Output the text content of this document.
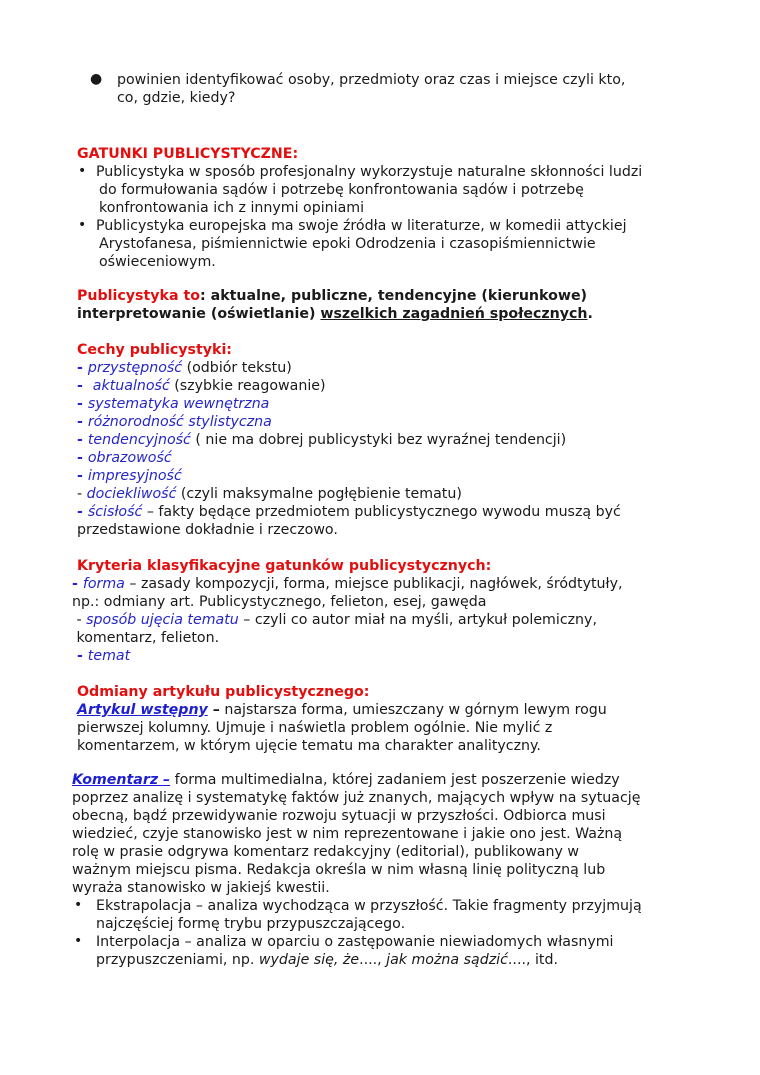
● powinien identyfikować osoby, przedmioty oraz czas i miejsce czyli kto,
co, gdzie, kiedy?
GATUNKI PUBLICYSTYCZNE:
• Publicystyka w sposób profesjonalny wykorzystuje naturalne skłonności ludzi
do formułowania sądów i potrzebę konfrontowania sądów i potrzebę
konfrontowania ich z innymi opiniami
• Publicystyka europejska ma swoje źródła w literaturze, w komedii attyckiej
Arystofanesa, piśmiennictwie epoki Odrodzenia i czasopiśmiennictwie
oświeceniowym.
Publicystyka to: aktualne, publiczne, tendencyjne (kierunkowe)
interpretowanie (oświetlanie) wszelkich zagadnień społecznych.
Cechy publicystyki:
- przystępność (odbiór tekstu)
-  aktualność (szybkie reagowanie)
- systematyka wewnętrzna
- różnorodność stylistyczna
- tendencyjność ( nie ma dobrej publicystyki bez wyraźnej tendencji)
- obrazowość
- impresyjność
- dociekliwość (czyli maksymalne pogłębienie tematu)
- ścisłość – fakty będące przedmiotem publicystycznego wywodu muszą być
przedstawione dokładnie i rzeczowo.
Kryteria klasyfikacyjne gatunków publicystycznych:
- forma – zasady kompozycji, forma, miejsce publikacji, nagłówek, śródtytuły,
np.: odmiany art. Publicystycznego, felieton, esej, gawęda
- sposób ujęcia tematu – czyli co autor miał na myśli, artykuł polemiczny,
komentarz, felieton.
- temat
Odmiany artykułu publicystycznego:
Artykul wstępny – najstarsza forma, umieszczany w górnym lewym rogu
pierwszej kolumny. Ujmuje i naświetla problem ogólnie. Nie mylić z
komentarzem, w którym ujęcie tematu ma charakter analityczny.
Komentarz – forma multimedialna, której zadaniem jest poszerzenie wiedzy
poprzez analizę i systematykę faktów już znanych, mających wpływ na sytuację
obecną, bądź przewidywanie rozwoju sytuacji w przyszłości. Odbiorca musi
wiedzieć, czyje stanowisko jest w nim reprezentowane i jakie ono jest. Ważną
rolę w prasie odgrywa komentarz redakcyjny (editorial), publikowany w
ważnym miejscu pisma. Redakcja określa w nim własną linię polityczną lub
wyraża stanowisko w jakiejś kwestii.
• Ekstrapolacja – analiza wychodząca w przyszłość. Takie fragmenty przyjmują
najczęściej formę trybu przypuszczającego.
• Interpolacja – analiza w oparciu o zastępowanie niewiadomych własnymi
przypuszczeniami, np. wydaje się, że...., jak można sądzić...., itd.
